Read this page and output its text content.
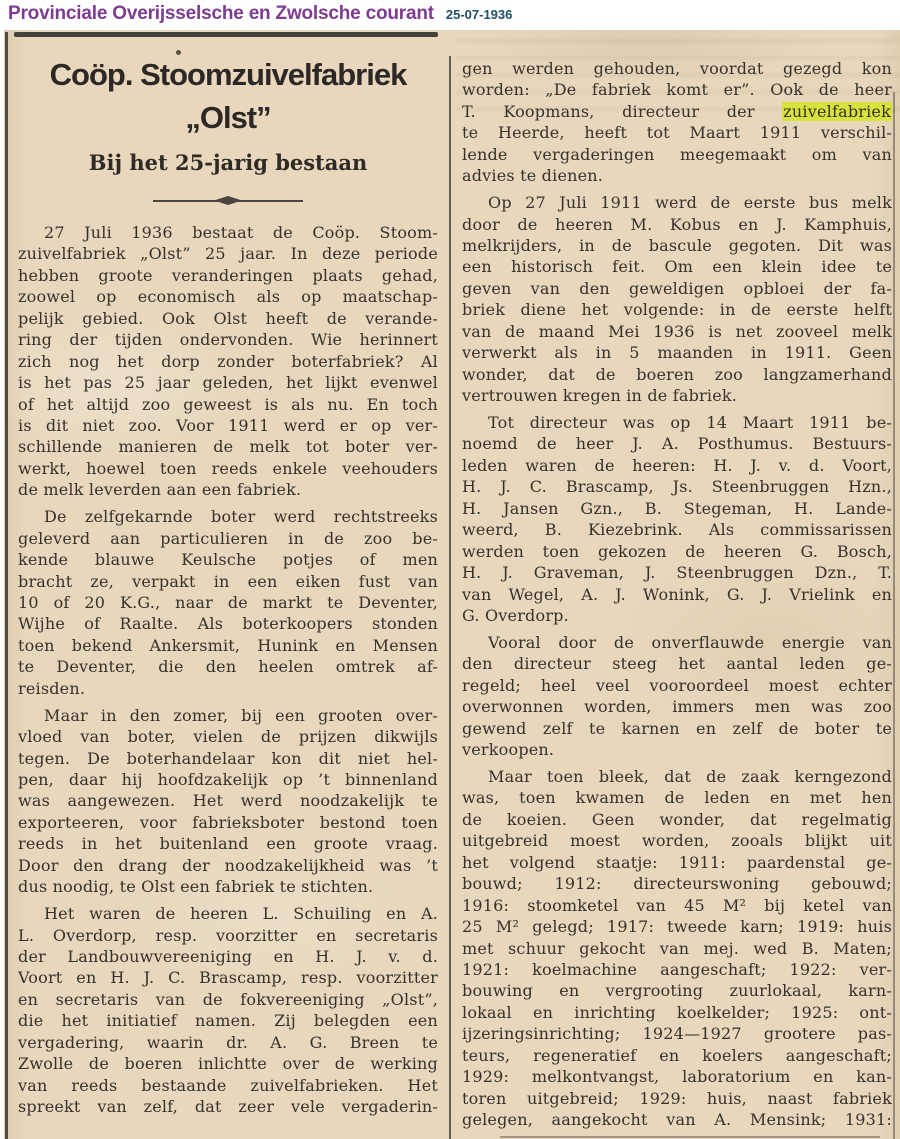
Provinciale Overijsselsche en Zwolsche courant 25-07-1936
Coöp. Stoomzuivelfabriek
„Olst”
Bij het 25-jarig bestaan
27 Juli 1936 bestaat de Coöp. Stoom-
zuivelfabriek „Olst” 25 jaar. In deze periode
hebben groote veranderingen plaats gehad,
zoowel op economisch als op maatschap-
pelijk gebied. Ook Olst heeft de verande-
ring der tijden ondervonden. Wie herinnert
zich nog het dorp zonder boterfabriek? Al
is het pas 25 jaar geleden, het lijkt evenwel
of het altijd zoo geweest is als nu. En toch
is dit niet zoo. Voor 1911 werd er op ver-
schillende manieren de melk tot boter ver-
werkt, hoewel toen reeds enkele veehouders
de melk leverden aan een fabriek.
De zelfgekarnde boter werd rechtstreeks
geleverd aan particulieren in de zoo be-
kende blauwe Keulsche potjes of men
bracht ze, verpakt in een eiken fust van
10 of 20 K.G., naar de markt te Deventer,
Wijhe of Raalte. Als boterkoopers stonden
toen bekend Ankersmit, Hunink en Mensen
te Deventer, die den heelen omtrek af-
reisden.
Maar in den zomer, bij een grooten over-
vloed van boter, vielen de prijzen dikwijls
tegen. De boterhandelaar kon dit niet hel-
pen, daar hij hoofdzakelijk op ’t binnenland
was aangewezen. Het werd noodzakelijk te
exporteeren, voor fabrieksboter bestond toen
reeds in het buitenland een groote vraag.
Door den drang der noodzakelijkheid was ’t
dus noodig, te Olst een fabriek te stichten.
Het waren de heeren L. Schuiling en A.
L. Overdorp, resp. voorzitter en secretaris
der Landbouwvereeniging en H. J. v. d.
Voort en H. J. C. Brascamp, resp. voorzitter
en secretaris van de fokvereeniging „Olst”,
die het initiatief namen. Zij belegden een
vergadering, waarin dr. A. G. Breen te
Zwolle de boeren inlichtte over de werking
van reeds bestaande zuivelfabrieken. Het
spreekt van zelf, dat zeer vele vergaderin-
gen werden gehouden, voordat gezegd kon
worden: „De fabriek komt er”. Ook de heer
T. Koopmans, directeur der zuivelfabriek
te Heerde, heeft tot Maart 1911 verschil-
lende vergaderingen meegemaakt om van
advies te dienen.
Op 27 Juli 1911 werd de eerste bus melk
door de heeren M. Kobus en J. Kamphuis,
melkrijders, in de bascule gegoten. Dit was
een historisch feit. Om een klein idee te
geven van den geweldigen opbloei der fa-
briek diene het volgende: in de eerste helft
van de maand Mei 1936 is net zooveel melk
verwerkt als in 5 maanden in 1911. Geen
wonder, dat de boeren zoo langzamerhand
vertrouwen kregen in de fabriek.
Tot directeur was op 14 Maart 1911 be-
noemd de heer J. A. Posthumus. Bestuurs-
leden waren de heeren: H. J. v. d. Voort,
H. J. C. Brascamp, Js. Steenbruggen Hzn.,
H. Jansen Gzn., B. Stegeman, H. Lande-
weerd, B. Kiezebrink. Als commissarissen
werden toen gekozen de heeren G. Bosch,
H. J. Graveman, J. Steenbruggen Dzn., T.
van Wegel, A. J. Wonink, G. J. Vrielink en
G. Overdorp.
Vooral door de onverflauwde energie van
den directeur steeg het aantal leden ge-
regeld; heel veel vooroordeel moest echter
overwonnen worden, immers men was zoo
gewend zelf te karnen en zelf de boter te
verkoopen.
Maar toen bleek, dat de zaak kerngezond
was, toen kwamen de leden en met hen
de koeien. Geen wonder, dat regelmatig
uitgebreid moest worden, zooals blijkt uit
het volgend staatje: 1911: paardenstal ge-
bouwd; 1912: directeurswoning gebouwd;
1916: stoomketel van 45 M² bij ketel van
25 M² gelegd; 1917: tweede karn; 1919: huis
met schuur gekocht van mej. wed B. Maten;
1921: koelmachine aangeschaft; 1922: ver-
bouwing en vergrooting zuurlokaal, karn-
lokaal en inrichting koelkelder; 1925: ont-
ijzeringsinrichting; 1924—1927 grootere pas-
teurs, regeneratief en koelers aangeschaft;
1929: melkontvangst, laboratorium en kan-
toren uitgebreid; 1929: huis, naast fabriek
gelegen, aangekocht van A. Mensink; 1931:
